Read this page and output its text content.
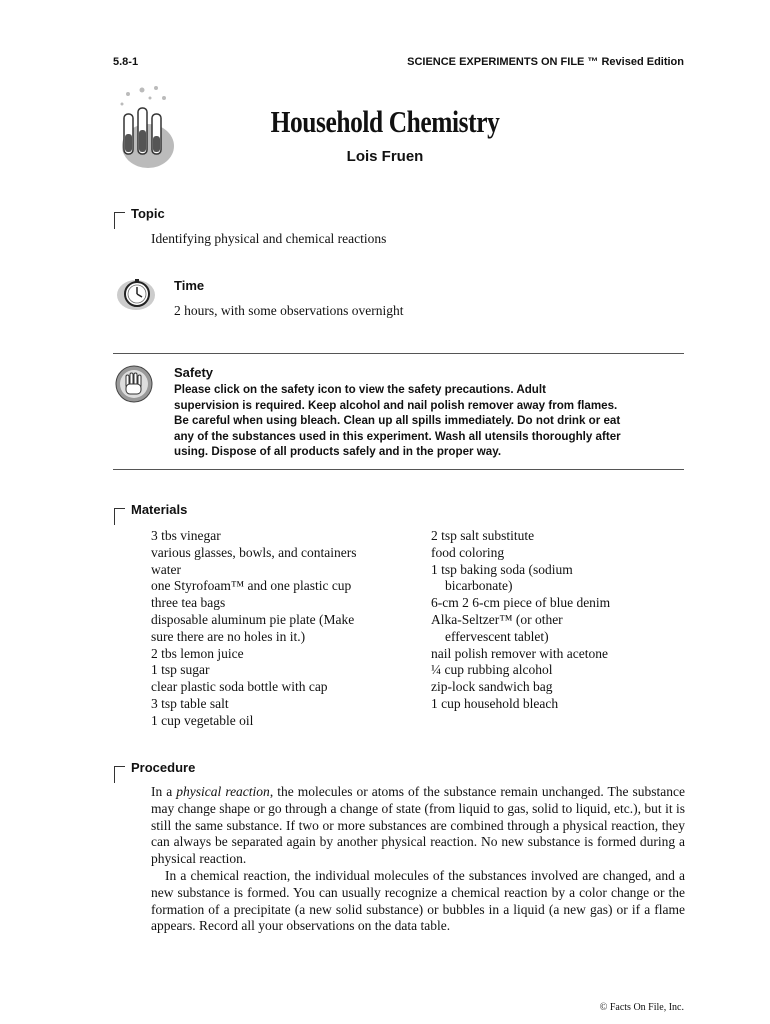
5.8-1	SCIENCE EXPERIMENTS ON FILE ™ Revised Edition
Household Chemistry
Lois Fruen
Topic
Identifying physical and chemical reactions
Time
2 hours, with some observations overnight
Safety
Please click on the safety icon to view the safety precautions. Adult
supervision is required. Keep alcohol and nail polish remover away from flames.
Be careful when using bleach. Clean up all spills immediately. Do not drink or eat
any of the substances used in this experiment. Wash all utensils thoroughly after
using. Dispose of all products safely and in the proper way.
Materials
3 tbs vinegar
various glasses, bowls, and containers
water
one Styrofoam™ and one plastic cup
three tea bags
disposable aluminum pie plate (Make
sure there are no holes in it.)
2 tbs lemon juice
1 tsp sugar
clear plastic soda bottle with cap
3 tsp table salt
1 cup vegetable oil
2 tsp salt substitute
food coloring
1 tsp baking soda (sodium
bicarbonate)
6-cm 2 6-cm piece of blue denim
Alka-Seltzer™ (or other
effervescent tablet)
nail polish remover with acetone
¼ cup rubbing alcohol
zip-lock sandwich bag
1 cup household bleach
Procedure

In a physical reaction, the molecules or atoms of the substance remain unchanged. The substance may change shape or go through a change of state (from liquid to gas, solid to liquid, etc.), but it is still the same substance. If two or more substances are combined through a physical reaction, they can always be separated again by another physical reaction. No new substance is formed during a physical reaction.

In a chemical reaction, the individual molecules of the substances involved are changed, and a new substance is formed. You can usually recognize a chemical reaction by a color change or the formation of a precipitate (a new solid substance) or bubbles in a liquid (a new gas) or if a flame appears. Record all your observations on the data table.

© Facts On File, Inc.
